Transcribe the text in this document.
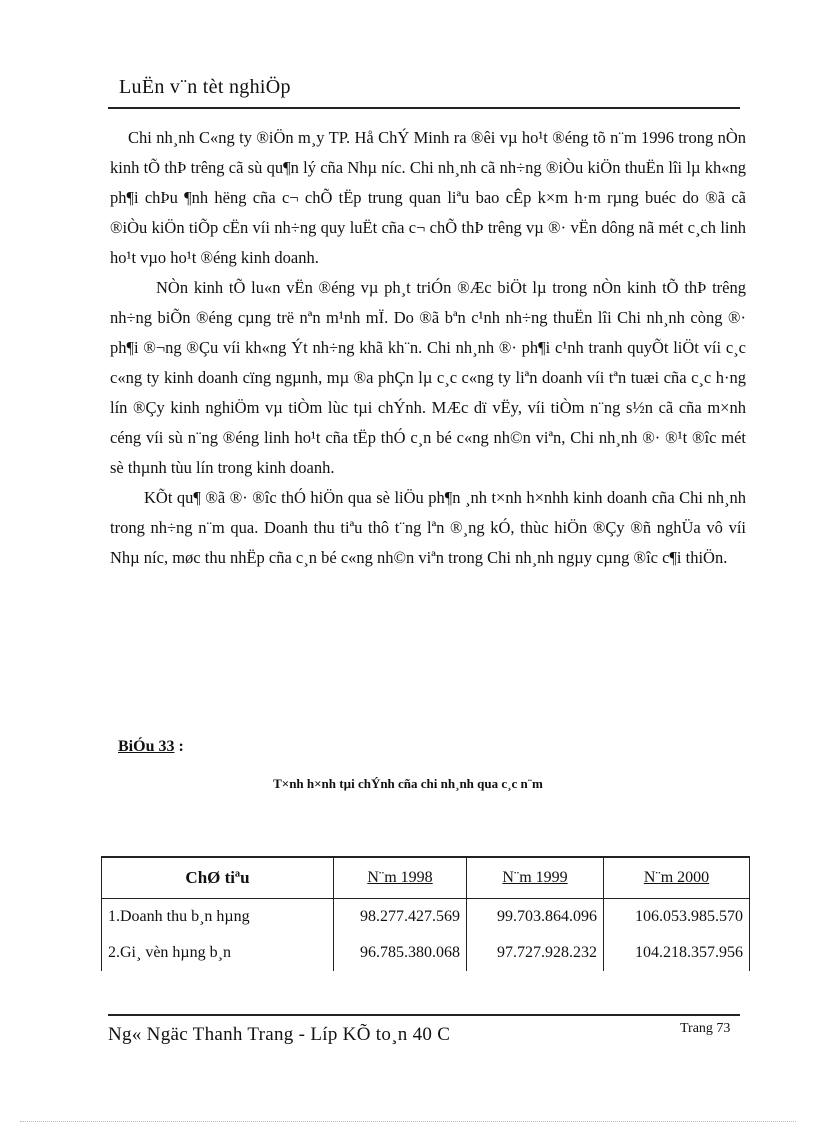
LuËn v¨n tèt nghiÖp

Chi nh¸nh C«ng ty ®iÖn m¸y TP. Hå ChÝ Minh ra ®êi vµ ho¹t ®éng tõ n¨m 1996 trong nÒn kinh tÕ thÞ trêng cã sù qu¶n lý cña Nhµ níc. Chi nh¸nh cã nh÷ng ®iÒu kiÖn thuËn lîi lµ kh«ng ph¶i chÞu ¶nh hëng cña c¬ chÕ tËp trung quan liªu bao cÊp k×m h·m rµng buéc do ®ã cã ®iÒu kiÖn tiÕp cËn víi nh÷ng quy luËt cña c¬ chÕ thÞ trêng vµ ®· vËn dông nã mét c¸ch linh ho¹t vµo ho¹t ®éng kinh doanh.

NÒn kinh tÕ lu«n vËn ®éng vµ ph¸t triÓn ®Æc biÖt lµ trong nÒn kinh tÕ thÞ trêng nh÷ng biÕn ®éng cµng trë nªn m¹nh mÏ. Do ®ã bªn c¹nh nh÷ng thuËn lîi Chi nh¸nh còng ®· ph¶i ®¬ng ®Çu víi kh«ng Ýt nh÷ng khã kh¨n. Chi nh¸nh ®· ph¶i c¹nh tranh quyÕt liÖt víi c¸c c«ng ty kinh doanh cïng ngµnh, mµ ®a phÇn lµ c¸c c«ng ty liªn doanh víi tªn tuæi cña c¸c h·ng lín ®Çy kinh nghiÖm vµ tiÒm lùc tµi chÝnh. MÆc dï vËy, víi tiÒm n¨ng s½n cã cña m×nh céng víi sù n¨ng ®éng linh ho¹t cña tËp thÓ c¸n bé c«ng nh©n viªn, Chi nh¸nh ®· ®¹t ®îc mét sè thµnh tùu lín trong kinh doanh.

KÕt qu¶ ®ã ®· ®îc thÓ hiÖn qua sè liÖu ph¶n ¸nh t×nh h×nhh kinh doanh cña Chi nh¸nh trong nh÷ng n¨m qua. Doanh thu tiªu thô t¨ng lªn ®¸ng kÓ, thùc hiÖn ®Çy ®ñ nghÜa vô víi Nhµ níc, møc thu nhËp cña c¸n bé c«ng nh©n viªn trong Chi nh¸nh ngµy cµng ®îc c¶i thiÖn.

BiÓu 33 :
T×nh h×nh tµi chÝnh cña chi nh¸nh qua c¸c n¨m
ChØ tiªu	N¨m 1998	N¨m 1999	N¨m 2000
1.Doanh thu b¸n hµng	98.277.427.569	99.703.864.096	106.053.985.570
2.Gi¸ vèn hµng b¸n	96.785.380.068	97.727.928.232	104.218.357.956
Ng« Ngäc Thanh Trang - Líp KÕ to¸n 40 C	Trang 73
